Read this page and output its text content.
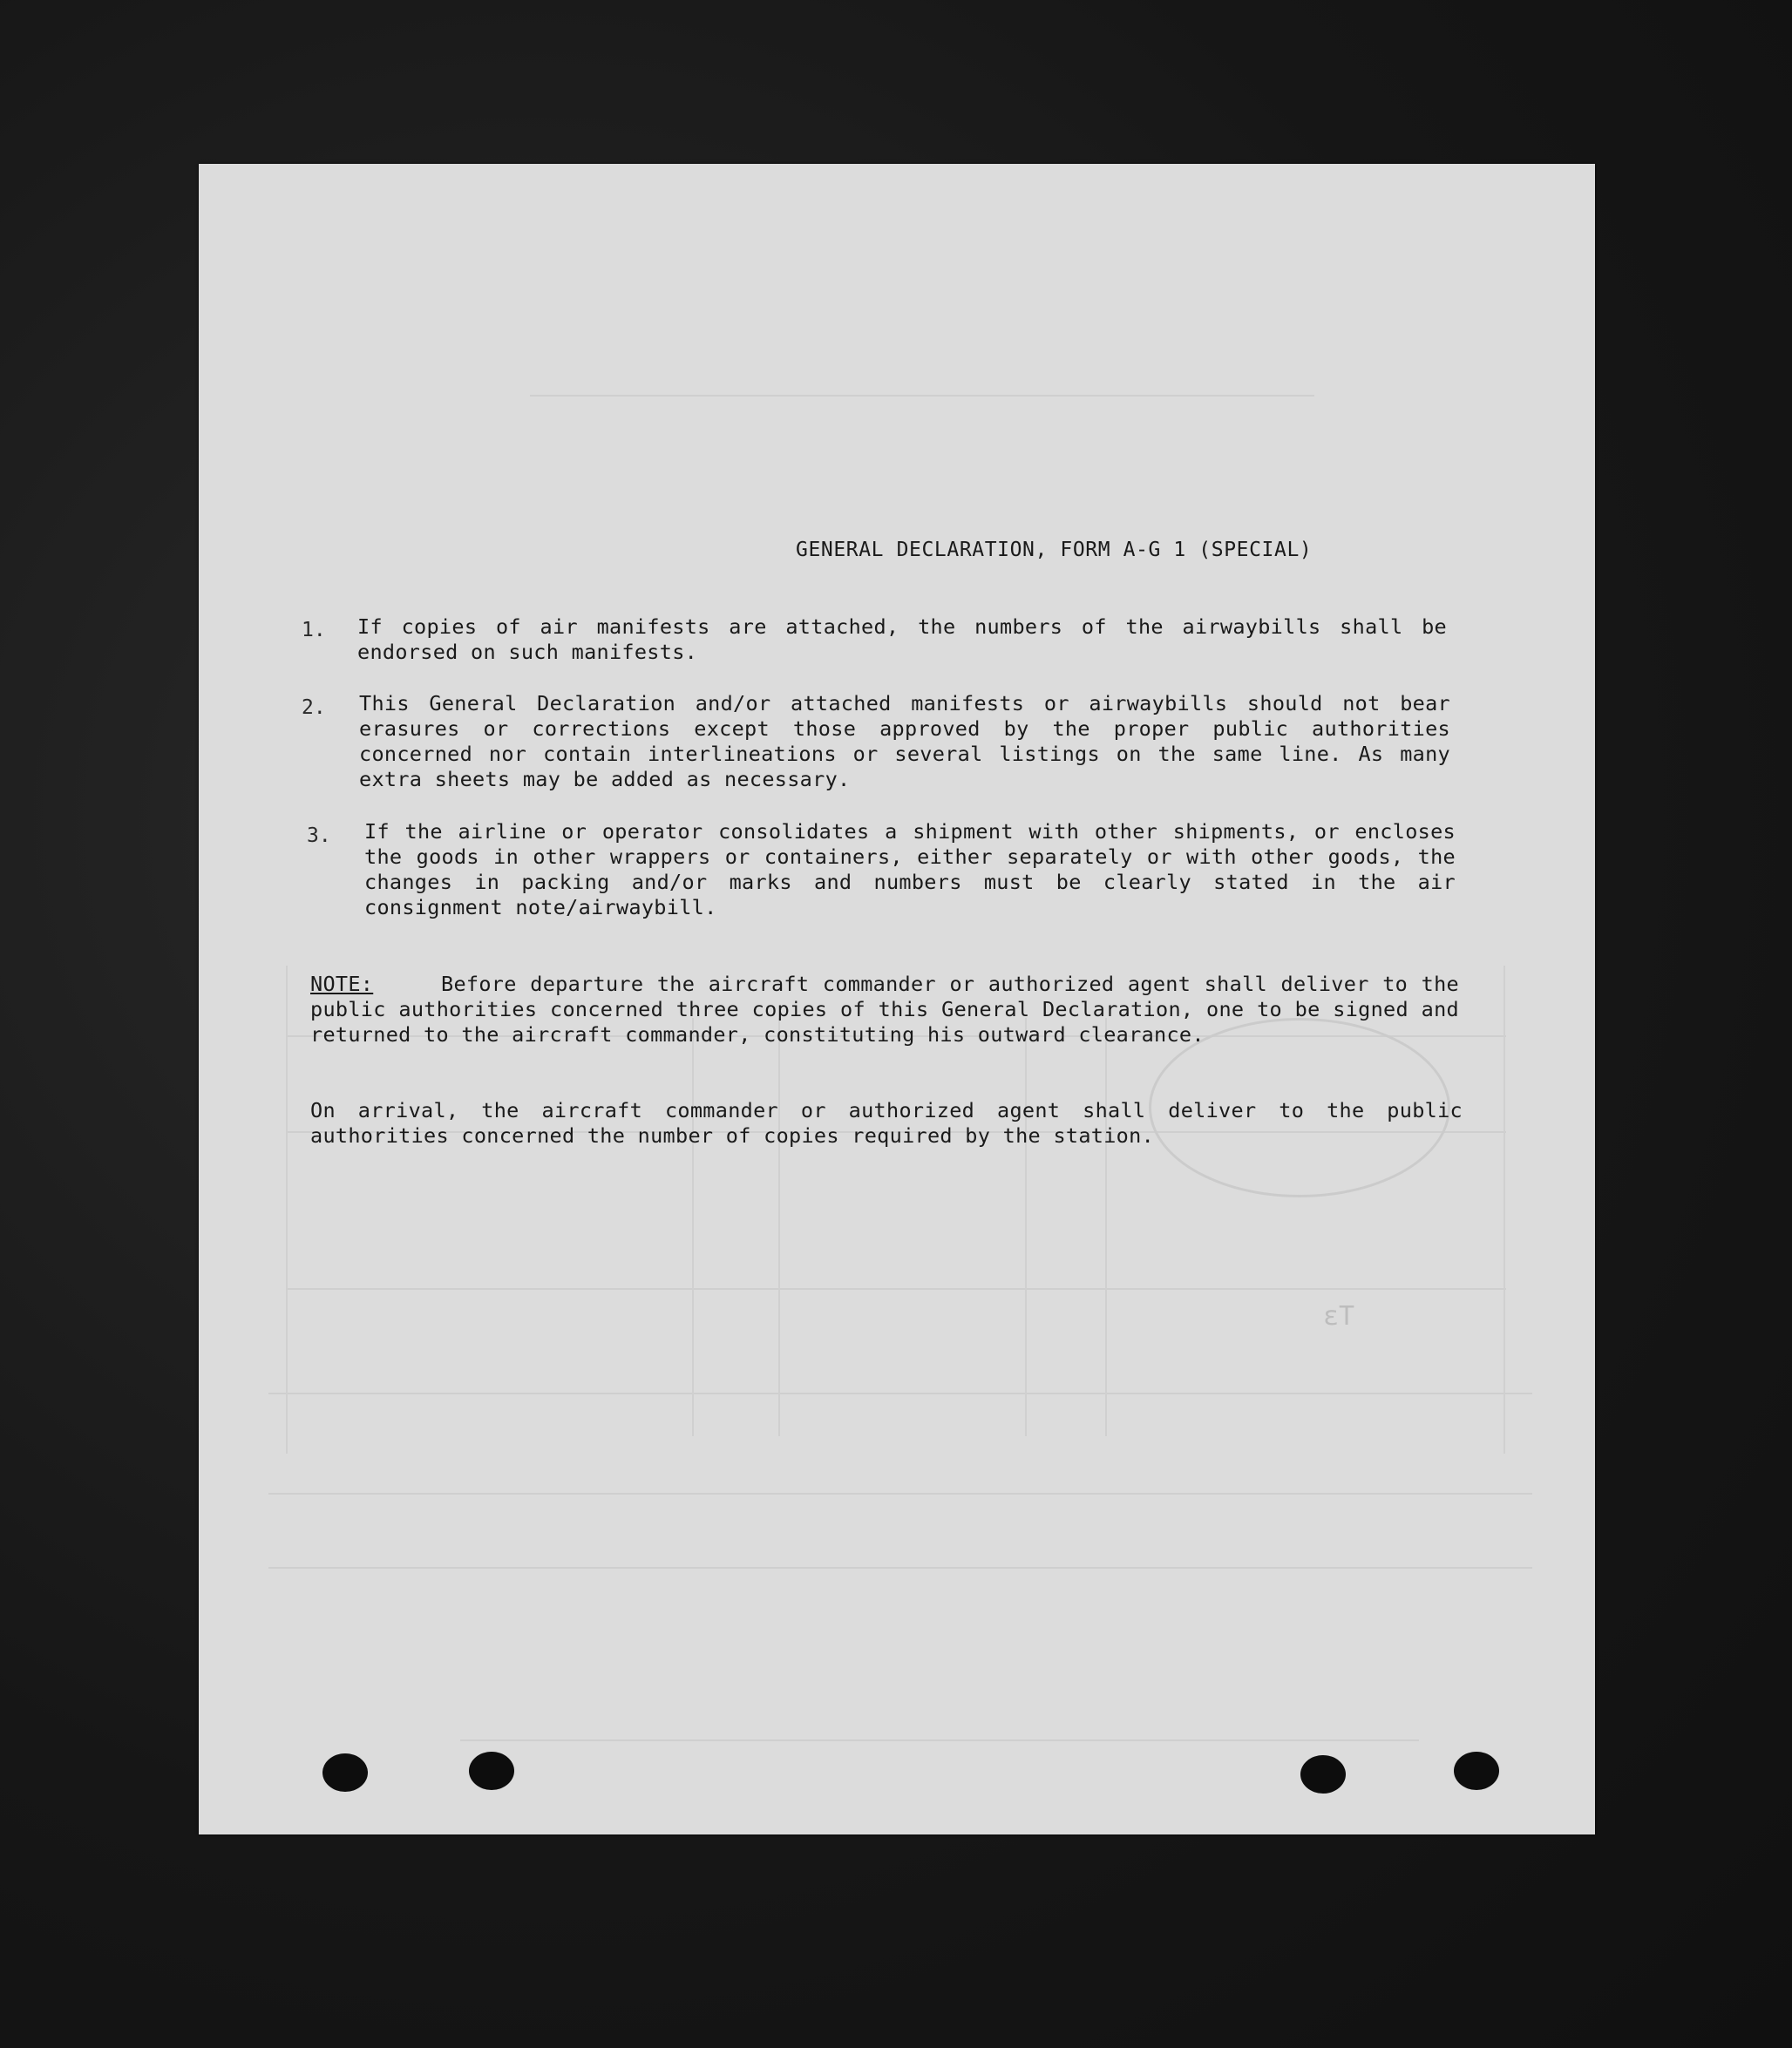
ɛT
GENERAL DECLARATION, FORM A-G 1 (SPECIAL)
1. If copies of air manifests are attached, the numbers of the airwaybills shall be endorsed on such manifests.
2. This General Declaration and/or attached manifests or airwaybills should not bear erasures or corrections except those approved by the proper public authorities concerned nor contain interlineations or several listings on the same line. As many extra sheets may be added as necessary.
3. If the airline or operator consolidates a shipment with other shipments, or encloses the goods in other wrappers or containers, either separately or with other goods, the changes in packing and/or marks and numbers must be clearly stated in the air consignment note/airwaybill.
NOTE:	Before departure the aircraft commander or authorized agent shall deliver to the public authorities concerned three copies of this General Declaration, one to be signed and returned to the aircraft commander, constituting his outward clearance.
On arrival, the aircraft commander or authorized agent shall deliver to the public authorities concerned the number of copies required by the station.
